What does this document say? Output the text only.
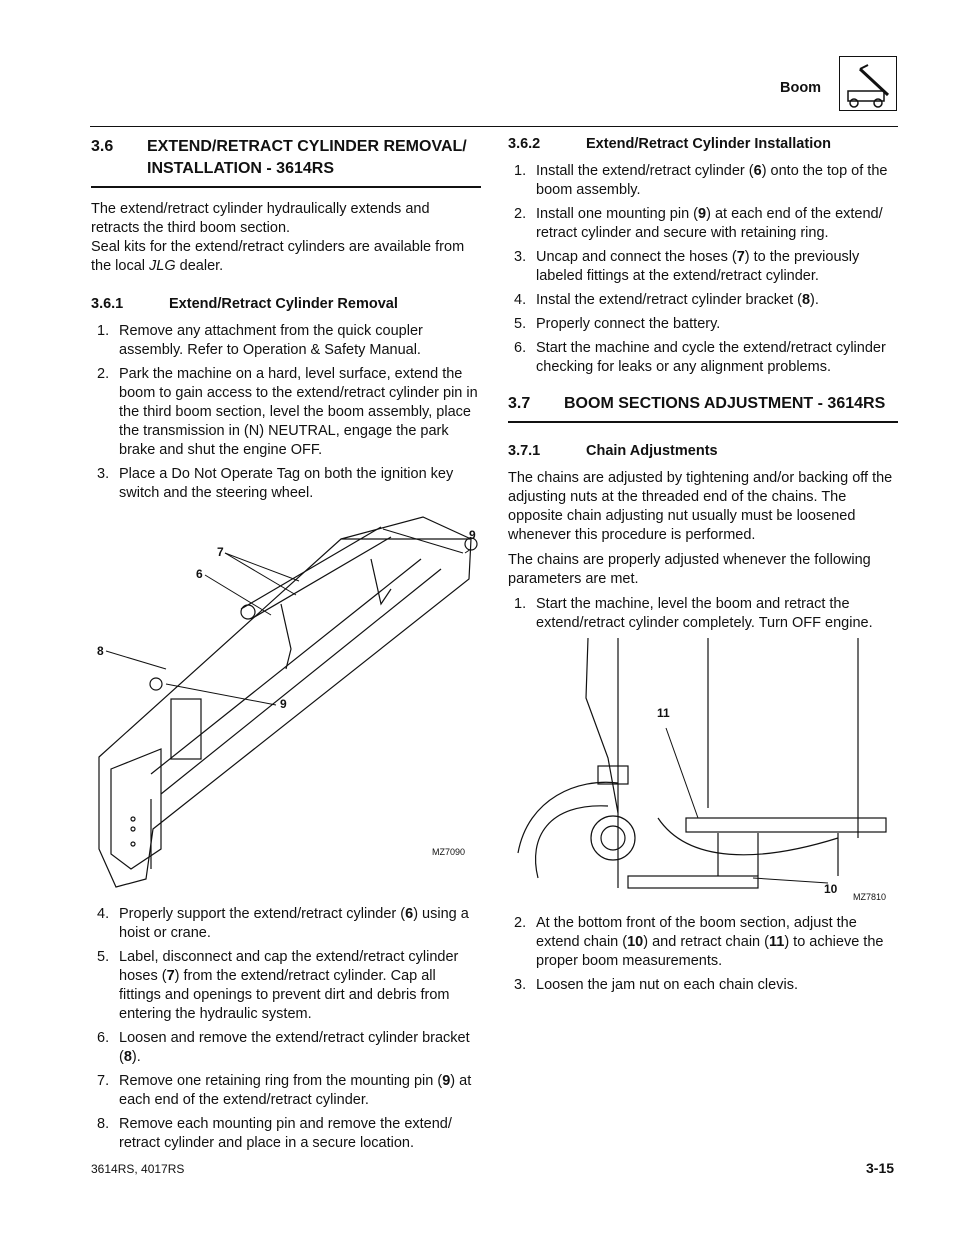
Boom
3.6	EXTEND/RETRACT CYLINDER REMOVAL/ INSTALLATION - 3614RS

The extend/retract cylinder hydraulically extends and retracts the third boom section.

Seal kits for the extend/retract cylinders are available from the local JLG dealer.

3.6.1	Extend/Retract Cylinder Removal
1. Remove any attachment from the quick coupler assembly. Refer to Operation & Safety Manual.
2. Park the machine on a hard, level surface, extend the boom to gain access to the extend/retract cylinder pin in the third boom section, level the boom assembly, place the transmission in (N) NEUTRAL, engage the park brake and shut the engine OFF.
3. Place a Do Not Operate Tag on both the ignition key switch and the steering wheel.
7
6
9
8
9
MZ7090
4. Properly support the extend/retract cylinder (6) using a hoist or crane.
5. Label, disconnect and cap the extend/retract cylinder hoses (7) from the extend/retract cylinder. Cap all fittings and openings to prevent dirt and debris from entering the hydraulic system.
6. Loosen and remove the extend/retract cylinder bracket (8).
7. Remove one retaining ring from the mounting pin (9) at each end of the extend/retract cylinder.
8. Remove each mounting pin and remove the extend/ retract cylinder and place in a secure location.
3.6.2	Extend/Retract Cylinder Installation
1. Install the extend/retract cylinder (6) onto the top of the boom assembly.
2. Install one mounting pin (9) at each end of the extend/ retract cylinder and secure with retaining ring.
3. Uncap and connect the hoses (7) to the previously labeled fittings at the extend/retract cylinder.
4. Instal the extend/retract cylinder bracket (8).
5. Properly connect the battery.
6. Start the machine and cycle the extend/retract cylinder checking for leaks or any alignment problems.
3.7	BOOM SECTIONS ADJUSTMENT - 3614RS
3.7.1	Chain Adjustments

The chains are adjusted by tightening and/or backing off the adjusting nuts at the threaded end of the chains. The opposite chain adjusting nut usually must be loosened whenever this procedure is performed.

The chains are properly adjusted whenever the following parameters are met.

1. Start the machine, level the boom and retract the extend/retract cylinder completely. Turn OFF engine.
11
10
MZ7810
2. At the bottom front of the boom section, adjust the extend chain (10) and retract chain (11) to achieve the proper boom measurements.
3. Loosen the jam nut on each chain clevis.
3614RS, 4017RS	3-15
